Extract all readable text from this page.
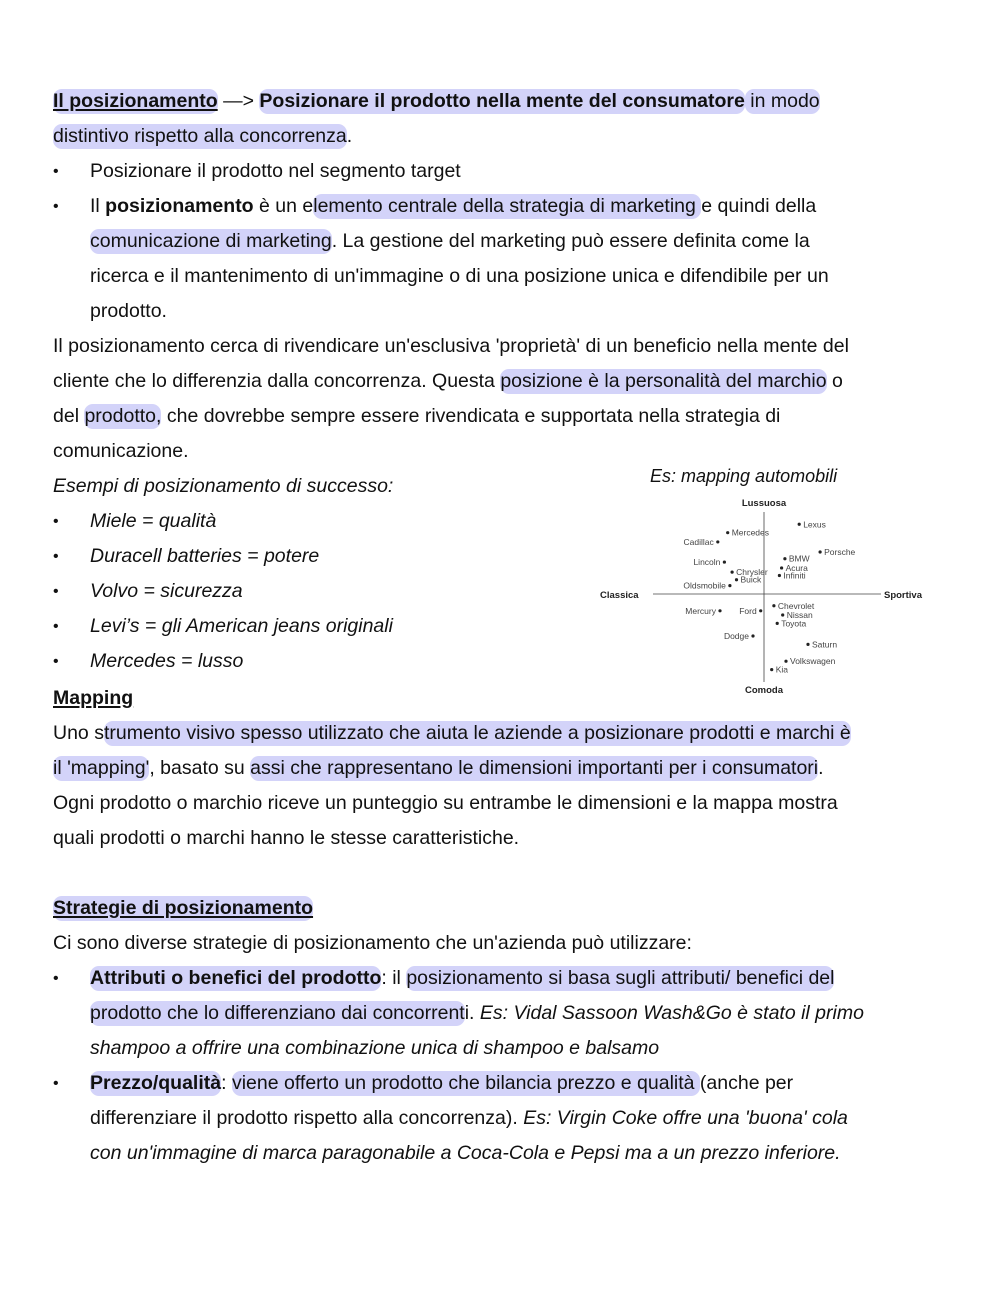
Il posizionamento —> Posizionare il prodotto nella mente del consumatore in modo
distintivo rispetto alla concorrenza.
•	Posizionare il prodotto nel segmento target
•	Il posizionamento è un elemento centrale della strategia di marketing e quindi della
comunicazione di marketing. La gestione del marketing può essere definita come la
ricerca e il mantenimento di un'immagine o di una posizione unica e difendibile per un
prodotto.
Il posizionamento cerca di rivendicare un'esclusiva 'proprietà' di un beneficio nella mente del
cliente che lo differenzia dalla concorrenza. Questa posizione è la personalità del marchio o
del prodotto, che dovrebbe sempre essere rivendicata e supportata nella strategia di
comunicazione.
Esempi di posizionamento di successo:
•	Miele = qualità
•	Duracell batteries = potere
•	Volvo = sicurezza
•	Levi’s = gli American jeans originali
•	Mercedes = lusso
Mapping
Uno strumento visivo spesso utilizzato che aiuta le aziende a posizionare prodotti e marchi è
il 'mapping', basato su assi che rappresentano le dimensioni importanti per i consumatori.
Ogni prodotto o marchio riceve un punteggio su entrambe le dimensioni e la mappa mostra
quali prodotti o marchi hanno le stesse caratteristiche.
Strategie di posizionamento
Ci sono diverse strategie di posizionamento che un'azienda può utilizzare:
•	Attributi o benefici del prodotto: il posizionamento si basa sugli attributi/ benefici del
prodotto che lo differenziano dai concorrenti. Es: Vidal Sassoon Wash&Go è stato il primo
shampoo a offrire una combinazione unica di shampoo e balsamo
•	Prezzo/qualità: viene offerto un prodotto che bilancia prezzo e qualità (anche per
differenziare il prodotto rispetto alla concorrenza). Es: Virgin Coke offre una 'buona' cola
con un'immagine di marca paragonabile a Coca-Cola e Pepsi ma a un prezzo inferiore.
Es: mapping automobili
Lussuosa
Comoda
Classica	Sportiva
Lexus
Mercedes
Cadillac
Porsche
BMW
Lincoln
Acura
Chrysler Infiniti
Buick
Oldsmobile
Chevrolet
Mercury	Ford	Nissan
Toyota
Dodge
Saturn
Volkswagen
Kia
